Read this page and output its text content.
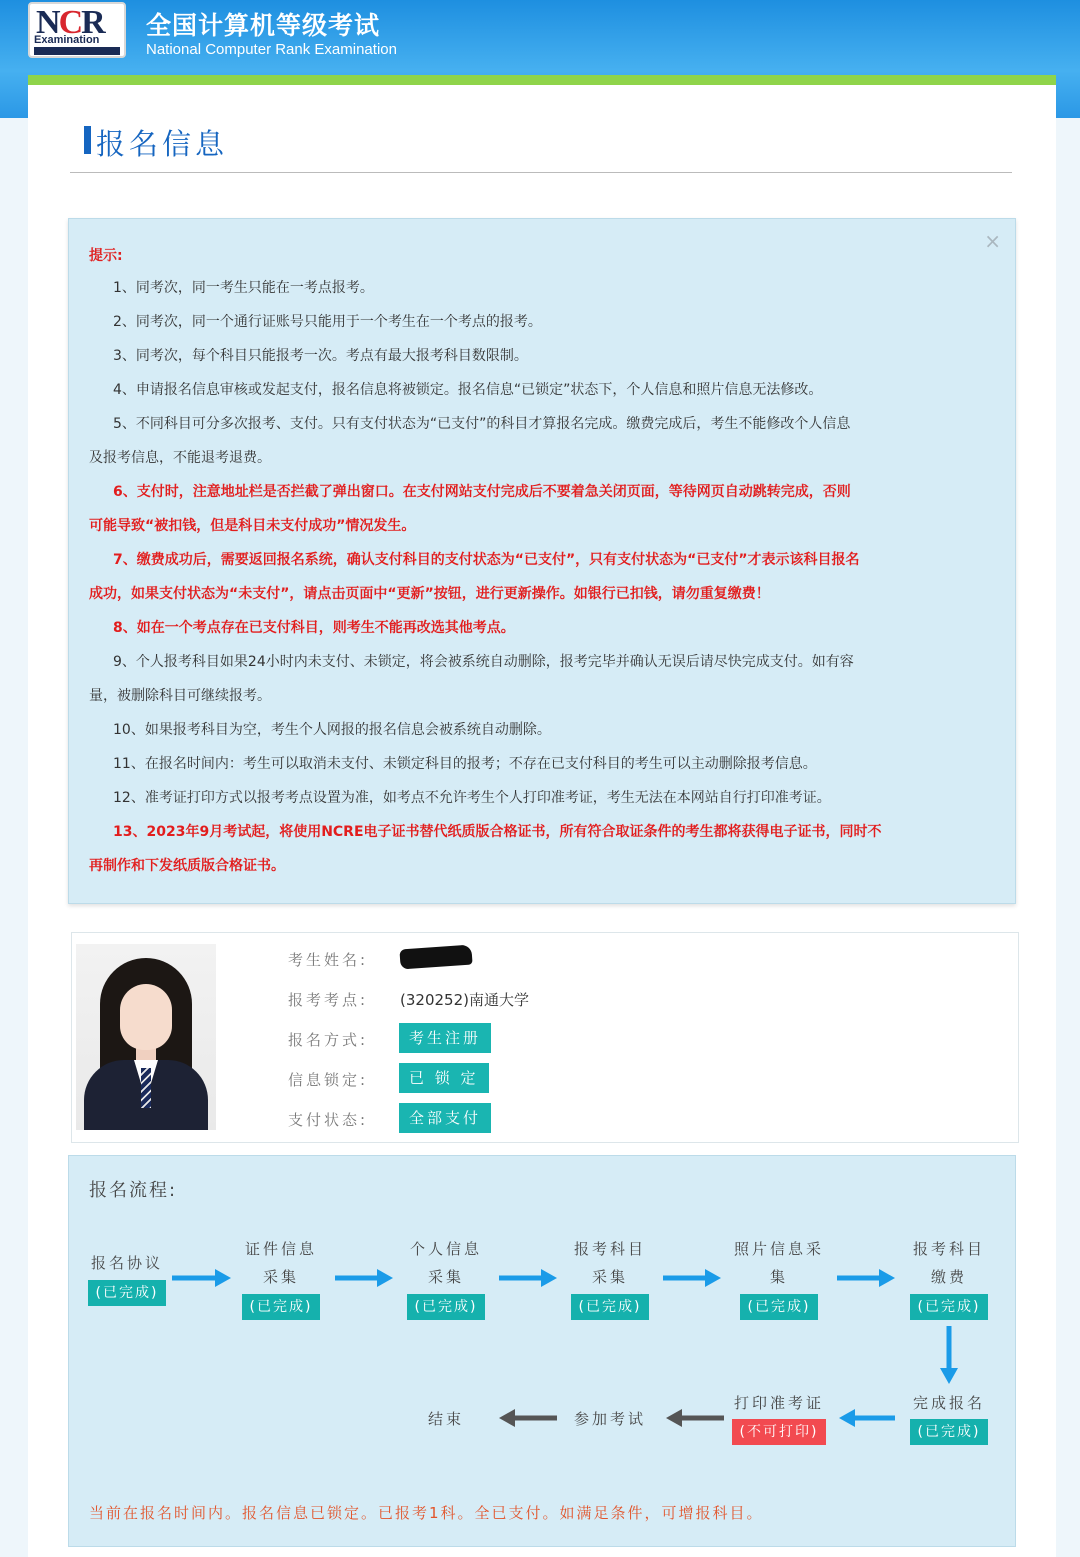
NCR
Examination 全国计算机等级考试
National Computer Rank Examination
报名信息
×
提示:
1、同考次，同一考生只能在一考点报考。
2、同考次，同一个通行证账号只能用于一个考生在一个考点的报考。
3、同考次，每个科目只能报考一次。考点有最大报考科目数限制。
4、申请报名信息审核或发起支付，报名信息将被锁定。报名信息“已锁定”状态下，个人信息和照片信息无法修改。
5、不同科目可分多次报考、支付。只有支付状态为“已支付”的科目才算报名完成。缴费完成后，考生不能修改个人信息
及报考信息，不能退考退费。
6、支付时，注意地址栏是否拦截了弹出窗口。在支付网站支付完成后不要着急关闭页面，等待网页自动跳转完成，否则
可能导致“被扣钱，但是科目未支付成功”情况发生。
7、缴费成功后，需要返回报名系统，确认支付科目的支付状态为“已支付”，只有支付状态为“已支付”才表示该科目报名
成功，如果支付状态为“未支付”，请点击页面中“更新”按钮，进行更新操作。如银行已扣钱，请勿重复缴费！
8、如在一个考点存在已支付科目，则考生不能再改选其他考点。
9、个人报考科目如果24小时内未支付、未锁定，将会被系统自动删除，报考完毕并确认无误后请尽快完成支付。如有容
量，被删除科目可继续报考。
10、如果报考科目为空，考生个人网报的报名信息会被系统自动删除。
11、在报名时间内：考生可以取消未支付、未锁定科目的报考；不存在已支付科目的考生可以主动删除报考信息。
12、准考证打印方式以报考考点设置为准，如考点不允许考生个人打印准考证，考生无法在本网站自行打印准考证。
13、2023年9月考试起，将使用NCRE电子证书替代纸质版合格证书，所有符合取证条件的考生都将获得电子证书，同时不
再制作和下发纸质版合格证书。
考生姓名:
报考考点: (320252)南通大学
报名方式:	考生注册
信息锁定:	已 锁 定
支付状态:	全部支付
报名流程:
报名协议
(已完成)
证件信息
采集
(已完成)
个人信息
采集
(已完成)
报考科目
采集
(已完成)
照片信息采
集
(已完成)
报考科目
缴费
(已完成)
完成报名
(已完成)
打印准考证
(不可打印)
参加考试
结束
当前在报名时间内。报名信息已锁定。已报考1科。全已支付。如满足条件，可增报科目。
